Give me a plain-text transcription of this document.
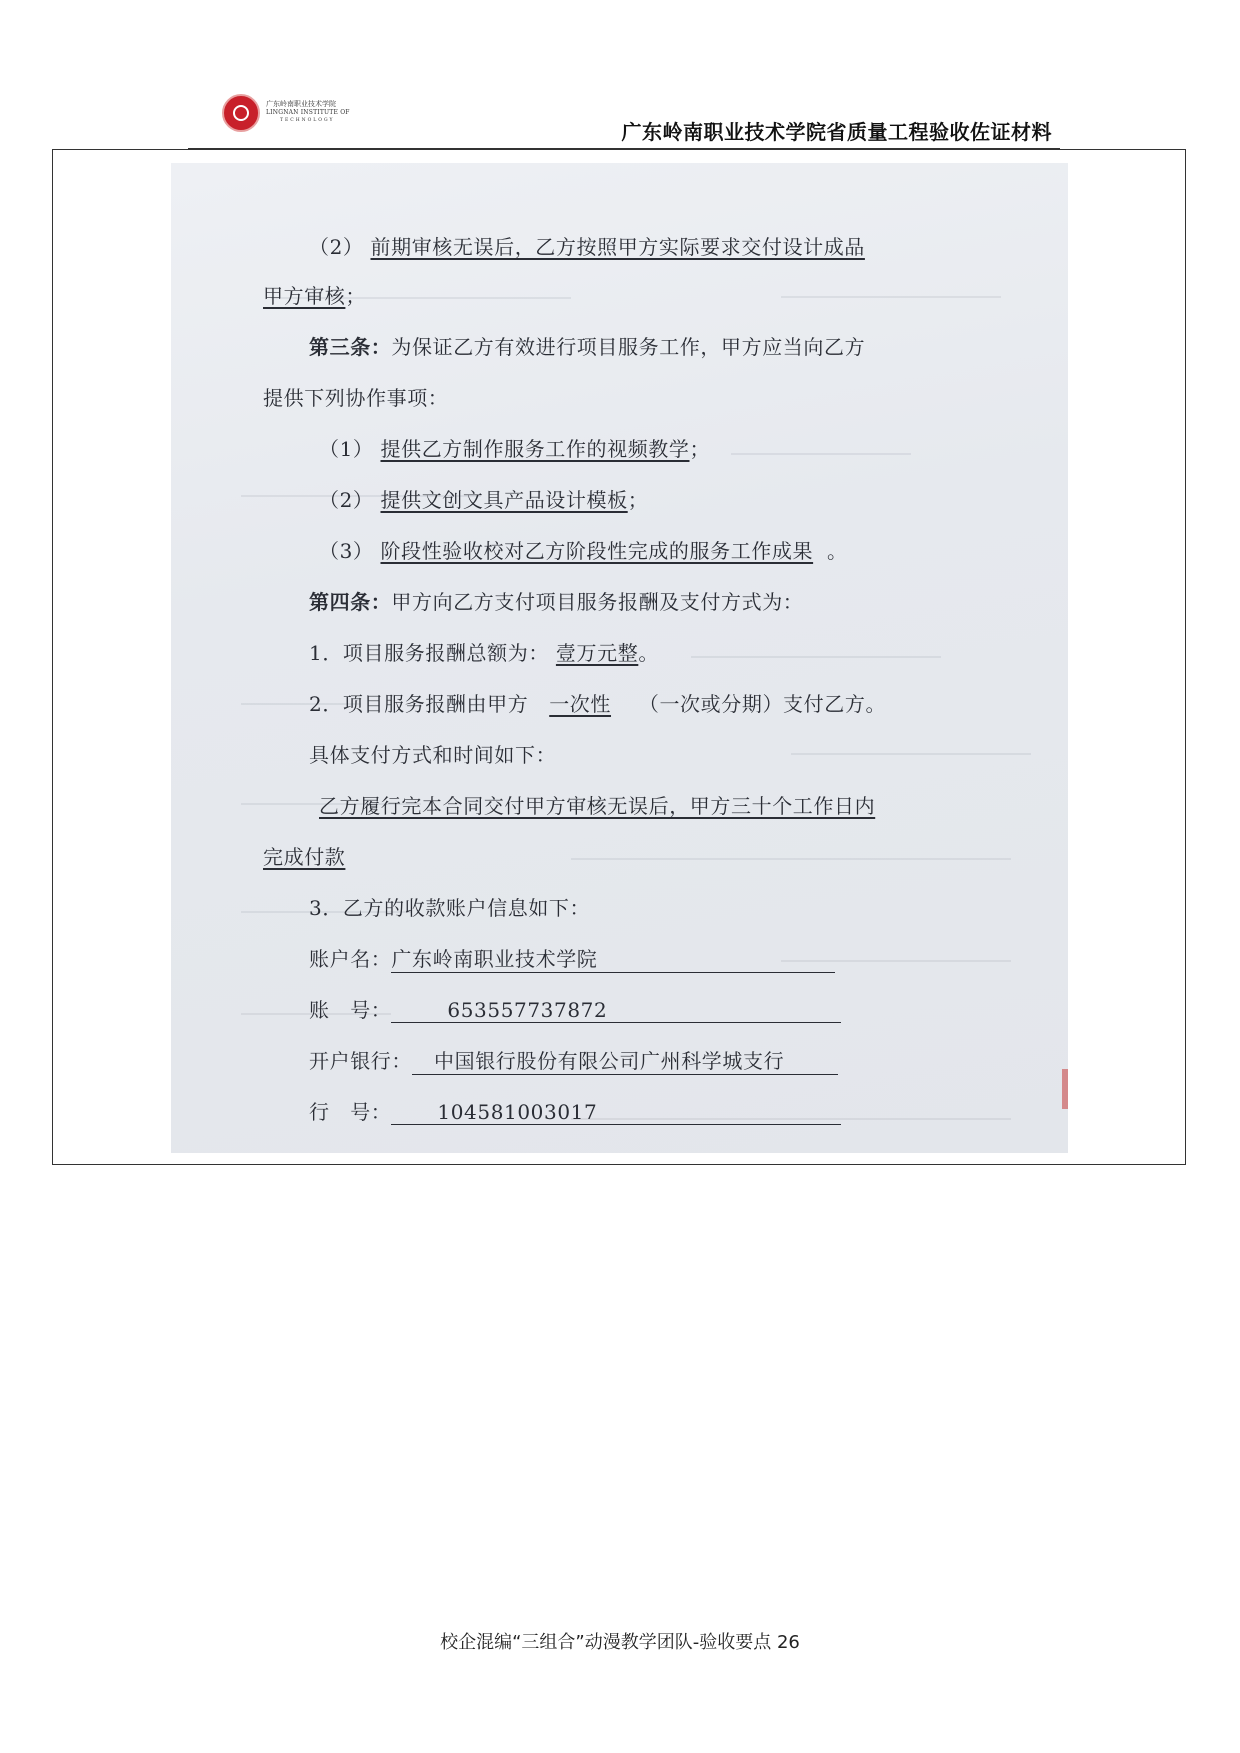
广东岭南职业技术学院
LINGNAN INSTITUTE OF
TECHNOLOGY	广东岭南职业技术学院省质量工程验收佐证材料
（2） 前期审核无误后，乙方按照甲方实际要求交付设计成品
甲方审核；
第三条：为保证乙方有效进行项目服务工作，甲方应当向乙方
提供下列协作事项：
（1） 提供乙方制作服务工作的视频教学；
（2） 提供文创文具产品设计模板；
（3） 阶段性验收校对乙方阶段性完成的服务工作成果 。
第四条：甲方向乙方支付项目服务报酬及支付方式为：
1．项目服务报酬总额为： 壹万元整。
2．项目服务报酬由甲方 一次性 （一次或分期）支付乙方。
具体支付方式和时间如下：
乙方履行完本合同交付甲方审核无误后，甲方三十个工作日内
完成付款
3．乙方的收款账户信息如下：
账户名：广东岭南职业技术学院
账　号：	653557737872
开户银行： 中国银行股份有限公司广州科学城支行
行　号： 104581003017
校企混编“三组合”动漫教学团队-验收要点 26
